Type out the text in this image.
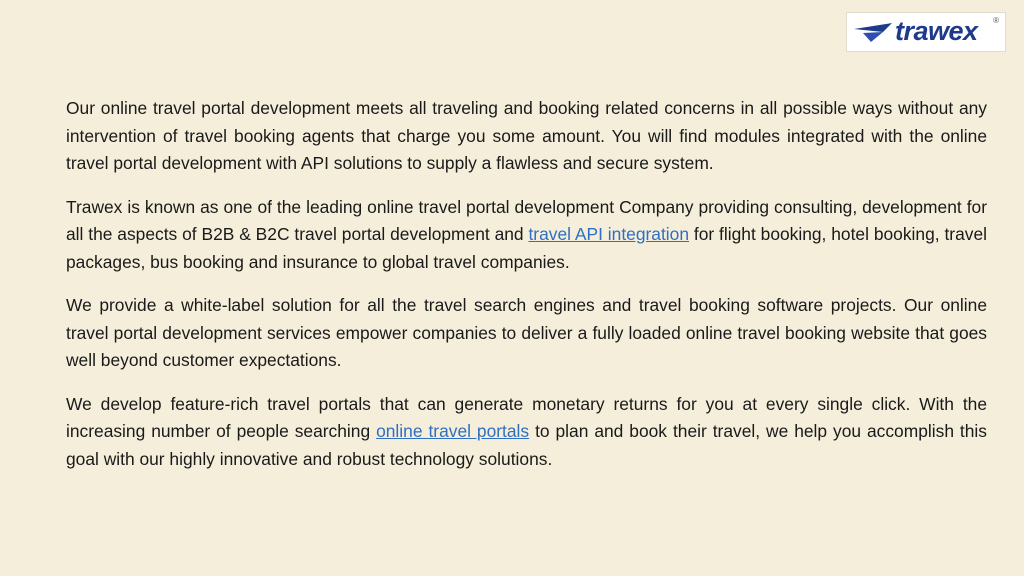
trawex ®

Our online travel portal development meets all traveling and booking related concerns in all possible ways without any intervention of travel booking agents that charge you some amount. You will find modules integrated with the online travel portal development with API solutions to supply a flawless and secure system.

Trawex is known as one of the leading online travel portal development Company providing consulting, development for all the aspects of B2B & B2C travel portal development and travel API integration for flight booking, hotel booking, travel packages, bus booking and insurance to global travel companies.

We provide a white-label solution for all the travel search engines and travel booking software projects. Our online travel portal development services empower companies to deliver a fully loaded online travel booking website that goes well beyond customer expectations.

We develop feature-rich travel portals that can generate monetary returns for you at every single click. With the increasing number of people searching online travel portals to plan and book their travel, we help you accomplish this goal with our highly innovative and robust technology solutions.
